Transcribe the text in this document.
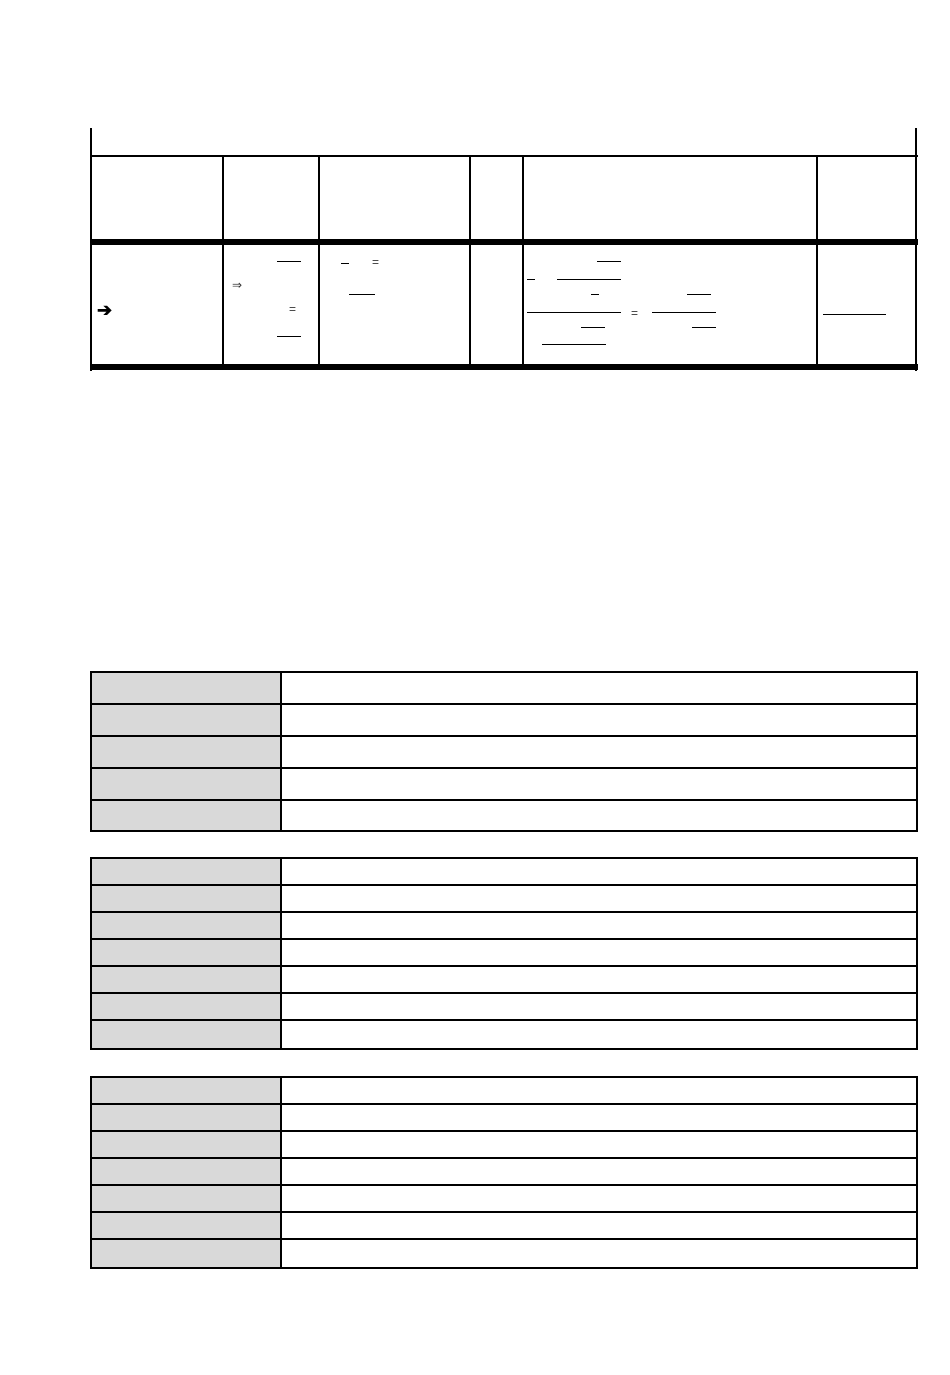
➔
⇒
=
=
=
